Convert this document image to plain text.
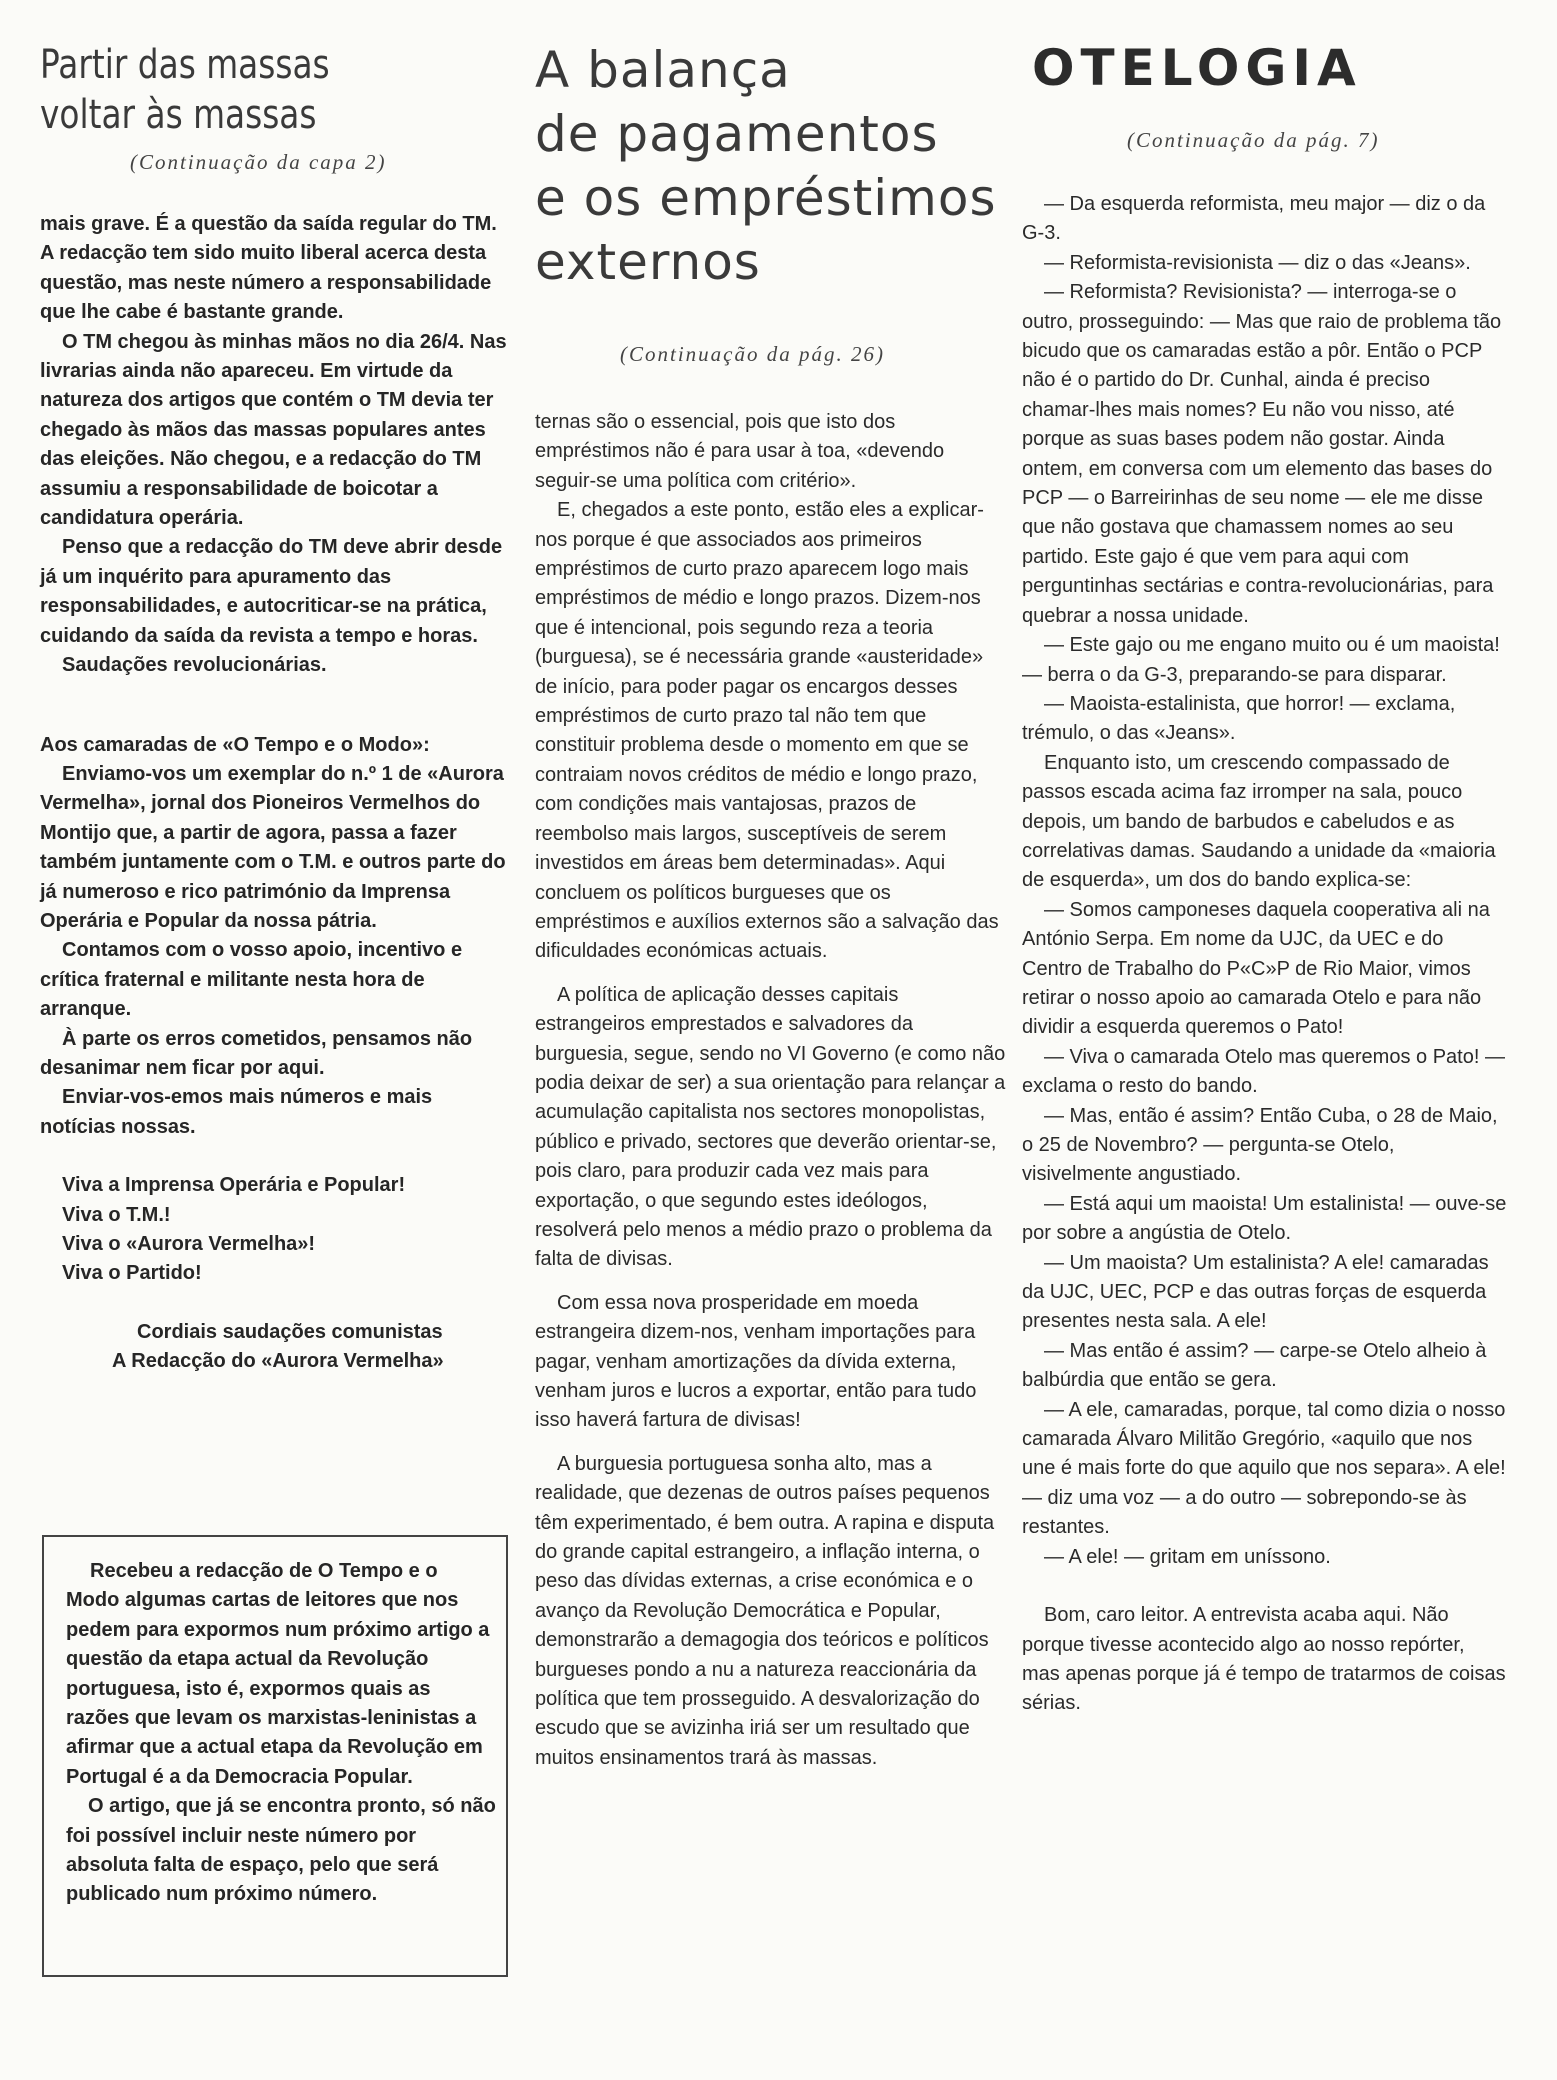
Partir das massas
voltar às massas
(Continuação da capa 2)

mais grave. É a questão da saída regular do TM. A redacção tem sido muito liberal acerca desta questão, mas neste número a responsabilidade que lhe cabe é bastante grande.

O TM chegou às minhas mãos no dia 26/4. Nas livrarias ainda não apareceu. Em virtude da natureza dos artigos que contém o TM devia ter chegado às mãos das massas populares antes das eleições. Não chegou, e a redacção do TM assumiu a responsabilidade de boicotar a candidatura operária.

Penso que a redacção do TM deve abrir desde já um inquérito para apuramento das responsabilidades, e autocriticar-se na prática, cuidando da saída da revista a tempo e horas.

Saudações revolucionárias.

Aos camaradas de «O Tempo e o Modo»:

Enviamo-vos um exemplar do n.º 1 de «Aurora Vermelha», jornal dos Pioneiros Vermelhos do Montijo que, a partir de agora, passa a fazer também juntamente com o T.M. e outros parte do já numeroso e rico património da Imprensa Operária e Popular da nossa pátria.

Contamos com o vosso apoio, incentivo e crítica fraternal e militante nesta hora de arranque.

À parte os erros cometidos, pensamos não desanimar nem ficar por aqui.

Enviar-vos-emos mais números e mais notícias nossas.

Viva a Imprensa Operária e Popular!

Viva o T.M.!

Viva o «Aurora Vermelha»!

Viva o Partido!

Cordiais saudações comunistas

A Redacção do «Aurora Vermelha»

Recebeu a redacção de O Tempo e o Modo algumas cartas de leitores que nos pedem para expormos num próximo artigo a questão da etapa actual da Revolução portuguesa, isto é, expormos quais as razões que levam os marxistas-leninistas a afirmar que a actual etapa da Revolução em Portugal é a da Democracia Popular.

O artigo, que já se encontra pronto, só não foi possível incluir neste número por absoluta falta de espaço, pelo que será publicado num próximo número.

A balança
de pagamentos
e os empréstimos
externos
(Continuação da pág. 26)

ternas são o essencial, pois que isto dos empréstimos não é para usar à toa, «devendo seguir-se uma política com critério».

E, chegados a este ponto, estão eles a explicar-nos porque é que associados aos primeiros empréstimos de curto prazo aparecem logo mais empréstimos de médio e longo prazos. Dizem-nos que é intencional, pois segundo reza a teoria (burguesa), se é necessária grande «austeridade» de início, para poder pagar os encargos desses empréstimos de curto prazo tal não tem que constituir problema desde o momento em que se contraiam novos créditos de médio e longo prazo, com condições mais vantajosas, prazos de reembolso mais largos, susceptíveis de serem investidos em áreas bem determinadas». Aqui concluem os políticos burgueses que os empréstimos e auxílios externos são a salvação das dificuldades económicas actuais.

A política de aplicação desses capitais estrangeiros emprestados e salvadores da burguesia, segue, sendo no VI Governo (e como não podia deixar de ser) a sua orientação para relançar a acumulação capitalista nos sectores monopolistas, público e privado, sectores que deverão orientar-se, pois claro, para produzir cada vez mais para exportação, o que segundo estes ideólogos, resolverá pelo menos a médio prazo o problema da falta de divisas.

Com essa nova prosperidade em moeda estrangeira dizem-nos, venham importações para pagar, venham amortizações da dívida externa, venham juros e lucros a exportar, então para tudo isso haverá fartura de divisas!

A burguesia portuguesa sonha alto, mas a realidade, que dezenas de outros países pequenos têm experimentado, é bem outra. A rapina e disputa do grande capital estrangeiro, a inflação interna, o peso das dívidas externas, a crise económica e o avanço da Revolução Democrática e Popular, demonstrarão a demagogia dos teóricos e políticos burgueses pondo a nu a natureza reaccionária da política que tem prosseguido. A desvalorização do escudo que se avizinha iriá ser um resultado que muitos ensinamentos trará às massas.

OTELOGIA
(Continuação da pág. 7)

— Da esquerda reformista, meu major — diz o da G-3.

— Reformista-revisionista — diz o das «Jeans».

— Reformista? Revisionista? — interroga-se o outro, prosseguindo: — Mas que raio de problema tão bicudo que os camaradas estão a pôr. Então o PCP não é o partido do Dr. Cunhal, ainda é preciso chamar-lhes mais nomes? Eu não vou nisso, até porque as suas bases podem não gostar. Ainda ontem, em conversa com um elemento das bases do PCP — o Barreirinhas de seu nome — ele me disse que não gostava que chamassem nomes ao seu partido. Este gajo é que vem para aqui com perguntinhas sectárias e contra-revolucionárias, para quebrar a nossa unidade.

— Este gajo ou me engano muito ou é um maoista! — berra o da G-3, preparando-se para disparar.

— Maoista-estalinista, que horror! — exclama, trémulo, o das «Jeans».

Enquanto isto, um crescendo compassado de passos escada acima faz irromper na sala, pouco depois, um bando de barbudos e cabeludos e as correlativas damas. Saudando a unidade da «maioria de esquerda», um dos do bando explica-se:

— Somos camponeses daquela cooperativa ali na António Serpa. Em nome da UJC, da UEC e do Centro de Trabalho do P«C»P de Rio Maior, vimos retirar o nosso apoio ao camarada Otelo e para não dividir a esquerda queremos o Pato!

— Viva o camarada Otelo mas queremos o Pato! — exclama o resto do bando.

— Mas, então é assim? Então Cuba, o 28 de Maio, o 25 de Novembro? — pergunta-se Otelo, visivelmente angustiado.

— Está aqui um maoista! Um estalinista! — ouve-se por sobre a angústia de Otelo.

— Um maoista? Um estalinista? A ele! camaradas da UJC, UEC, PCP e das outras forças de esquerda presentes nesta sala. A ele!

— Mas então é assim? — carpe-se Otelo alheio à balbúrdia que então se gera.

— A ele, camaradas, porque, tal como dizia o nosso camarada Álvaro Militão Gregório, «aquilo que nos une é mais forte do que aquilo que nos separa». A ele! — diz uma voz — a do outro — sobrepondo-se às restantes.

— A ele! — gritam em uníssono.

Bom, caro leitor. A entrevista acaba aqui. Não porque tivesse acontecido algo ao nosso repórter, mas apenas porque já é tempo de tratarmos de coisas sérias.
